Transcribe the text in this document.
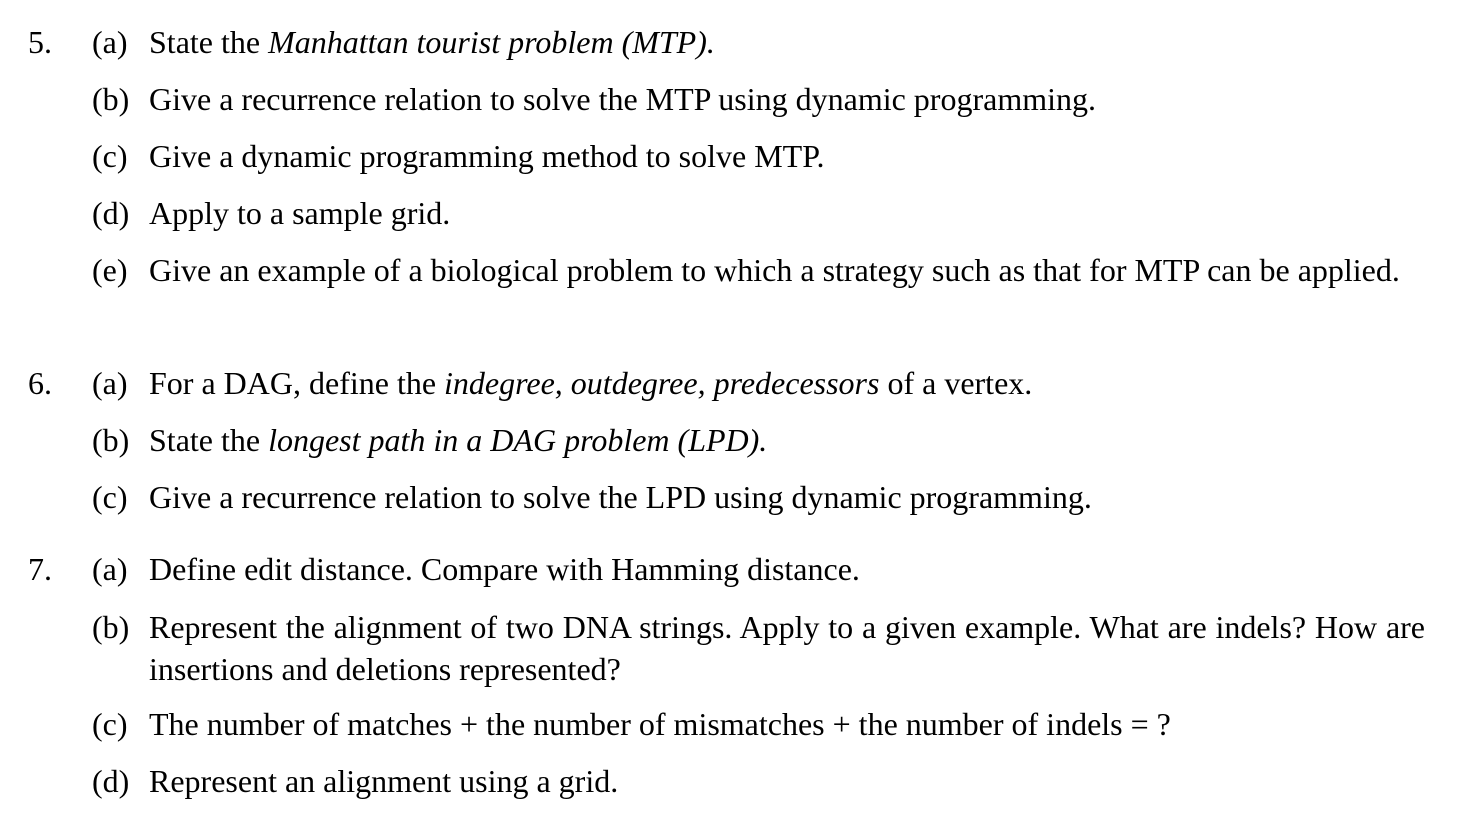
5. (a) State the Manhattan tourist problem (MTP).
(b) Give a recurrence relation to solve the MTP using dynamic programming.
(c) Give a dynamic programming method to solve MTP.
(d) Apply to a sample grid.
(e) Give an example of a biological problem to which a strategy such as that for MTP can be applied.
6. (a) For a DAG, define the indegree, outdegree, predecessors of a vertex.
(b) State the longest path in a DAG problem (LPD).
(c) Give a recurrence relation to solve the LPD using dynamic programming.
7. (a) Define edit distance. Compare with Hamming distance.
(b) Represent the alignment of two DNA strings. Apply to a given example. What are indels? How are insertions and deletions represented?
(c) The number of matches + the number of mismatches + the number of indels = ?
(d) Represent an alignment using a grid.
